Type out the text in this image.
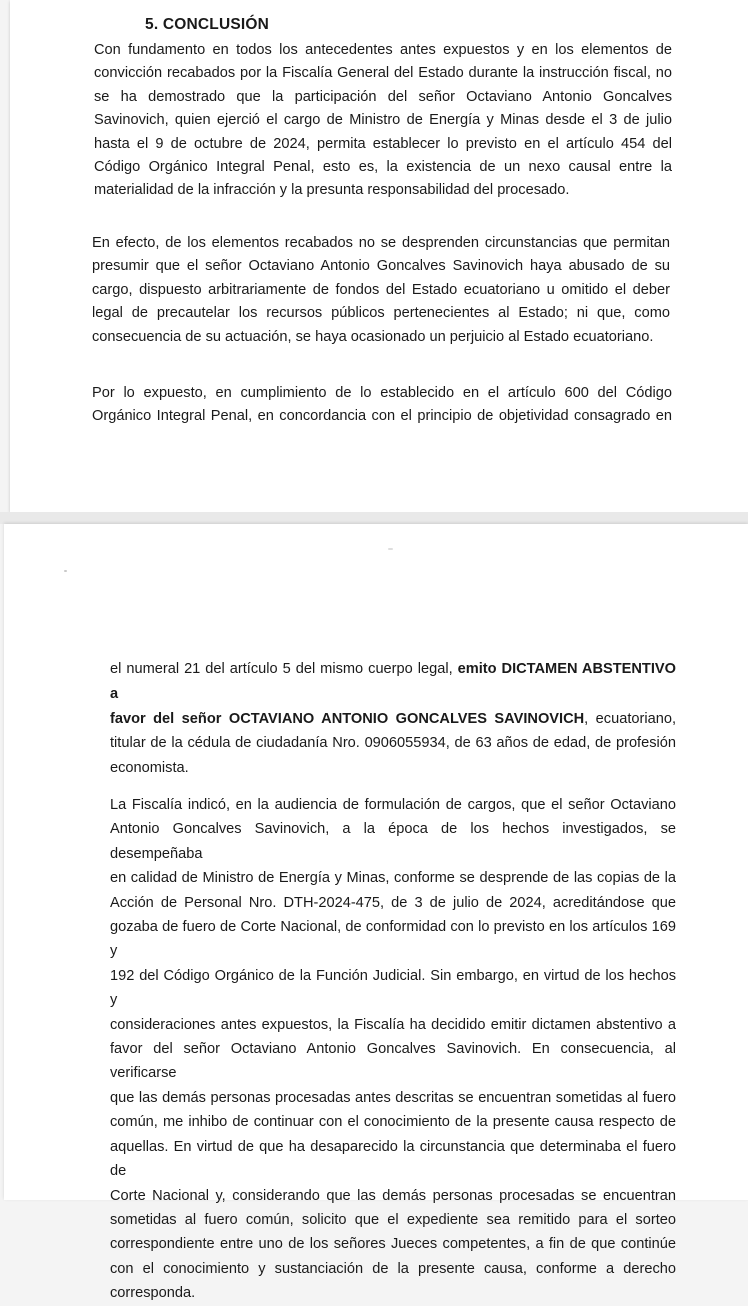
5. CONCLUSIÓN

Con fundamento en todos los antecedentes antes expuestos y en los elementos de
convicción recabados por la Fiscalía General del Estado durante la instrucción fiscal, no
se ha demostrado que la participación del señor Octaviano Antonio Goncalves
Savinovich, quien ejerció el cargo de Ministro de Energía y Minas desde el 3 de julio
hasta el 9 de octubre de 2024, permita establecer lo previsto en el artículo 454 del
Código Orgánico Integral Penal, esto es, la existencia de un nexo causal entre la
materialidad de la infracción y la presunta responsabilidad del procesado.

En efecto, de los elementos recabados no se desprenden circunstancias que permitan
presumir que el señor Octaviano Antonio Goncalves Savinovich haya abusado de su
cargo, dispuesto arbitrariamente de fondos del Estado ecuatoriano u omitido el deber
legal de precautelar los recursos públicos pertenecientes al Estado; ni que, como
consecuencia de su actuación, se haya ocasionado un perjuicio al Estado ecuatoriano.

Por lo expuesto, en cumplimiento de lo establecido en el artículo 600 del Código
Orgánico Integral Penal, en concordancia con el principio de objetividad consagrado en

el numeral 21 del artículo 5 del mismo cuerpo legal, emito DICTAMEN ABSTENTIVO a
favor del señor OCTAVIANO ANTONIO GONCALVES SAVINOVICH, ecuatoriano,
titular de la cédula de ciudadanía Nro. 0906055934, de 63 años de edad, de profesión
economista.

La Fiscalía indicó, en la audiencia de formulación de cargos, que el señor Octaviano
Antonio Goncalves Savinovich, a la época de los hechos investigados, se desempeñaba
en calidad de Ministro de Energía y Minas, conforme se desprende de las copias de la
Acción de Personal Nro. DTH-2024-475, de 3 de julio de 2024, acreditándose que
gozaba de fuero de Corte Nacional, de conformidad con lo previsto en los artículos 169 y
192 del Código Orgánico de la Función Judicial. Sin embargo, en virtud de los hechos y
consideraciones antes expuestos, la Fiscalía ha decidido emitir dictamen abstentivo a
favor del señor Octaviano Antonio Goncalves Savinovich. En consecuencia, al verificarse
que las demás personas procesadas antes descritas se encuentran sometidas al fuero
común, me inhibo de continuar con el conocimiento de la presente causa respecto de
aquellas. En virtud de que ha desaparecido la circunstancia que determinaba el fuero de
Corte Nacional y, considerando que las demás personas procesadas se encuentran
sometidas al fuero común, solicito que el expediente sea remitido para el sorteo
correspondiente entre uno de los señores Jueces competentes, a fin de que continúe
con el conocimiento y sustanciación de la presente causa, conforme a derecho
corresponda.
